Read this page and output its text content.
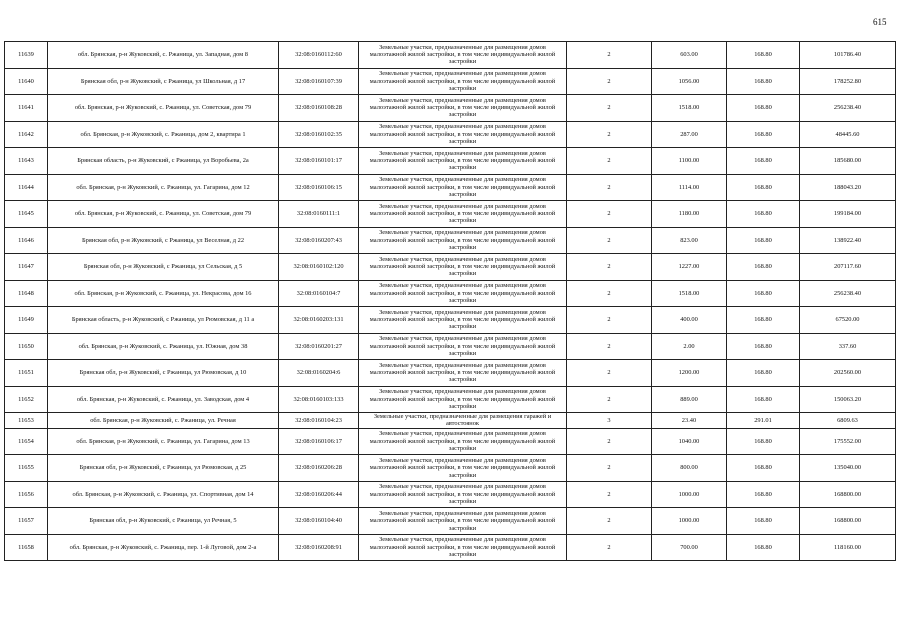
615
11639	обл. Брянская, р-н Жуковский, с. Ржаница, ул. Западная, дом 8	32:08:0160112:60	Земельные участки, предназначенные для размещения домов малоэтажной жилой застройки, в том числе индивидуальной жилой застройки	2	603.00	168.80	101786.40
11640	Брянская обл, р-н Жуковский, с Ржаница, ул Школьная, д 17	32:08:0160107:39	Земельные участки, предназначенные для размещения домов малоэтажной жилой застройки, в том числе индивидуальной жилой застройки	2	1056.00	168.80	178252.80
11641	обл. Брянская, р-н Жуковский, с. Ржаница, ул. Советская, дом 79	32:08:0160108:28	Земельные участки, предназначенные для размещения домов малоэтажной жилой застройки, в том числе индивидуальной жилой застройки	2	1518.00	168.80	256238.40
11642	обл. Брянская, р-н Жуковский, с. Ржаница, дом 2, квартира 1	32:08:0160102:35	Земельные участки, предназначенные для размещения домов малоэтажной жилой застройки, в том числе индивидуальной жилой застройки	2	287.00	168.80	48445.60
11643	Брянская область, р-н Жуковский, с Ржаница, ул Воробьева, 2а	32:08:0160101:17	Земельные участки, предназначенные для размещения домов малоэтажной жилой застройки, в том числе индивидуальной жилой застройки	2	1100.00	168.80	185680.00
11644	обл. Брянская, р-н Жуковский, с. Ржаница, ул. Гагарина, дом 12	32:08:0160106:15	Земельные участки, предназначенные для размещения домов малоэтажной жилой застройки, в том числе индивидуальной жилой застройки	2	1114.00	168.80	188043.20
11645	обл. Брянская, р-н Жуковский, с. Ржаница, ул. Советская, дом 79	32:08:0160111:1	Земельные участки, предназначенные для размещения домов малоэтажной жилой застройки, в том числе индивидуальной жилой застройки	2	1180.00	168.80	199184.00
11646	Брянская обл, р-н Жуковский, с Ржаница, ул Веселная, д 22	32:08:0160207:43	Земельные участки, предназначенные для размещения домов малоэтажной жилой застройки, в том числе индивидуальной жилой застройки	2	823.00	168.80	138922.40
11647	Брянская обл, р-н Жуковский, с Ржаница, ул Сельская, д 5	32:08:0160102:120	Земельные участки, предназначенные для размещения домов малоэтажной жилой застройки, в том числе индивидуальной жилой застройки	2	1227.00	168.80	207117.60
11648	обл. Брянская, р-н Жуковский, с. Ржаница, ул. Некрасова, дом 16	32:08:0160104:7	Земельные участки, предназначенные для размещения домов малоэтажной жилой застройки, в том числе индивидуальной жилой застройки	2	1518.00	168.80	256238.40
11649	Брянская область, р-н Жуковский, с Ржаница, ул Рюмовская, д 11 а	32:08:0160203:131	Земельные участки, предназначенные для размещения домов малоэтажной жилой застройки, в том числе индивидуальной жилой застройки	2	400.00	168.80	67520.00
11650	обл. Брянская, р-н Жуковский, с. Ржаница, ул. Южная, дом 38	32:08:0160201:27	Земельные участки, предназначенные для размещения домов малоэтажной жилой застройки, в том числе индивидуальной жилой застройки	2	2.00	168.80	337.60
11651	Брянская обл, р-н Жуковский, с Ржаница, ул Рюмовская, д 10	32:08:0160204:6	Земельные участки, предназначенные для размещения домов малоэтажной жилой застройки, в том числе индивидуальной жилой застройки	2	1200.00	168.80	202560.00
11652	обл. Брянская, р-н Жуковский, с. Ржаница, ул. Заводская, дом 4	32:08:0160103:133	Земельные участки, предназначенные для размещения домов малоэтажной жилой застройки, в том числе индивидуальной жилой застройки	2	889.00	168.80	150063.20
11653	обл. Брянская, р-н Жуковский, с. Ржаница, ул. Речная	32:08:0160104:23	Земельные участки, предназначенные для размещения гаражей и автостоянок	3	23.40	291.01	6809.63
11654	обл. Брянская, р-н Жуковский, с. Ржаница, ул. Гагарина, дом 13	32:08:0160106:17	Земельные участки, предназначенные для размещения домов малоэтажной жилой застройки, в том числе индивидуальной жилой застройки	2	1040.00	168.80	175552.00
11655	Брянская обл, р-н Жуковский, с Ржаница, ул Рюмовская, д 25	32:08:0160206:28	Земельные участки, предназначенные для размещения домов малоэтажной жилой застройки, в том числе индивидуальной жилой застройки	2	800.00	168.80	135040.00
11656	обл. Брянская, р-н Жуковский, с. Ржаница, ул. Спортивная, дом 14	32:08:0160206:44	Земельные участки, предназначенные для размещения домов малоэтажной жилой застройки, в том числе индивидуальной жилой застройки	2	1000.00	168.80	168800.00
11657	Брянская обл, р-н Жуковский, с Ржаница, ул Речная, 5	32:08:0160104:40	Земельные участки, предназначенные для размещения домов малоэтажной жилой застройки, в том числе индивидуальной жилой застройки	2	1000.00	168.80	168800.00
11658	обл. Брянская, р-н Жуковский, с. Ржаница, пер. 1-й Луговой, дом 2-а	32:08:0160208:91	Земельные участки, предназначенные для размещения домов малоэтажной жилой застройки, в том числе индивидуальной жилой застройки	2	700.00	168.80	118160.00
